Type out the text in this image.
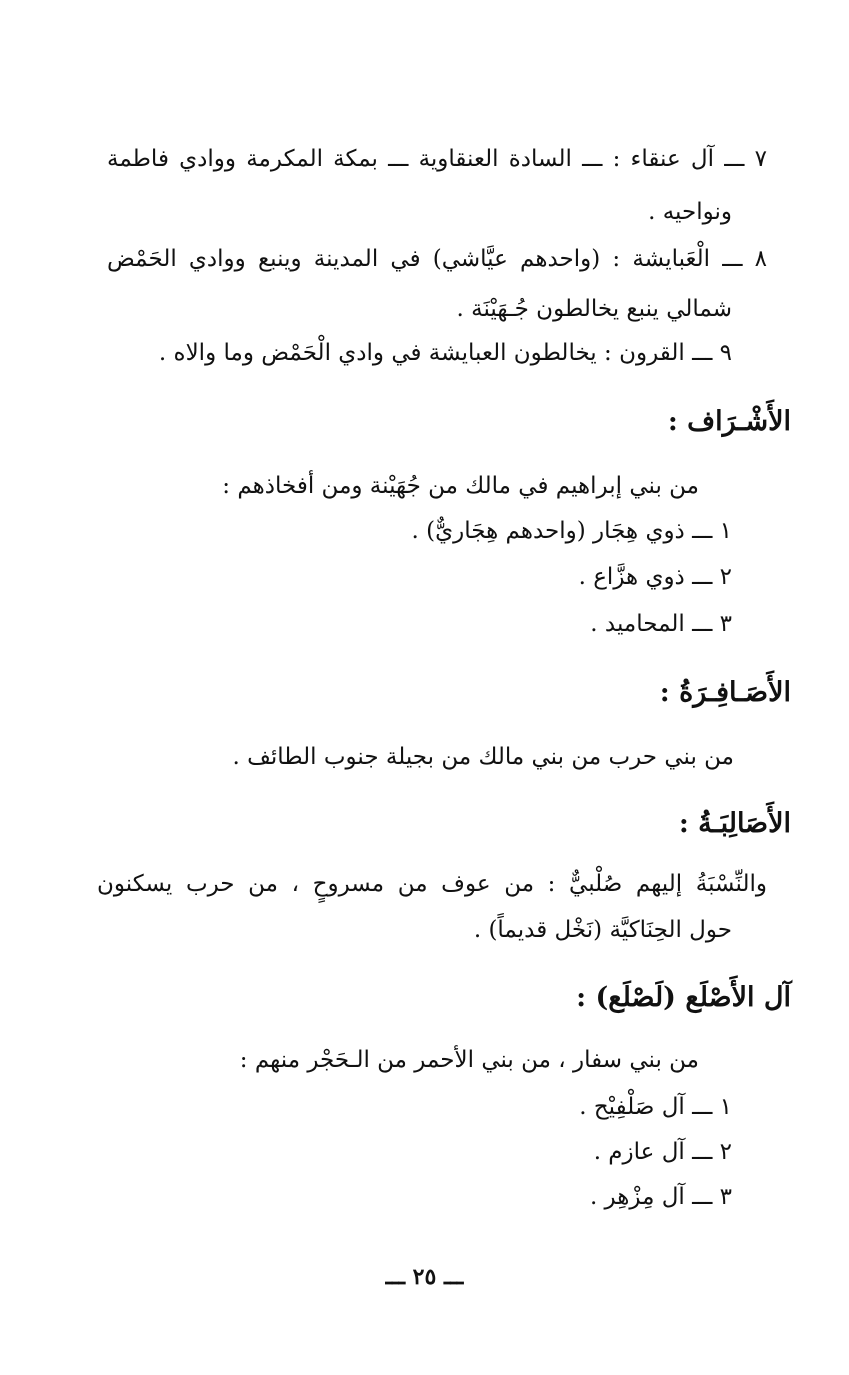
٧ ـــ آل عنقاء : ـــ السادة العنقاوية ـــ بمكة المكرمة ووادي فاطمة
ونواحيه .
٨ ـــ الْعَبايشة : (واحدهم عيَّاشي) في المدينة وينبع ووادي الحَمْض
شمالي ينبع يخالطون جُـهَيْنَة .
٩ ـــ القرون : يخالطون العبايشة في وادي الْحَمْض وما والاه .
الأَشْـرَاف :
من بني إبراهيم في مالك من جُهَيْنة ومن أفخاذهم :
١ ـــ ذوي هِجَار (واحدهم هِجَاريٌّ) .
٢ ـــ ذوي هزَّاع .
٣ ـــ المحاميد .
الأَصَـافِـرَةُ :
من بني حرب من بني مالك من بجيلة جنوب الطائف .
الأَصَالِبَـةُ :
والنِّسْبَةُ إليهم صُلْبيٌّ : من عوف من مسروحٍ ، من حرب يسكنون
حول الحِنَاكيَّة (نَخْل قديماً) .
آل الأَصْلَع (لَصْلَع) :
من بني سفار ، من بني الأحمر من الـحَجْر منهم :
١ ـــ آل صَلْفِيْح .
٢ ـــ آل عازم .
٣ ـــ آل مِزْهِر .
ـــ ٢٥ ـــ
